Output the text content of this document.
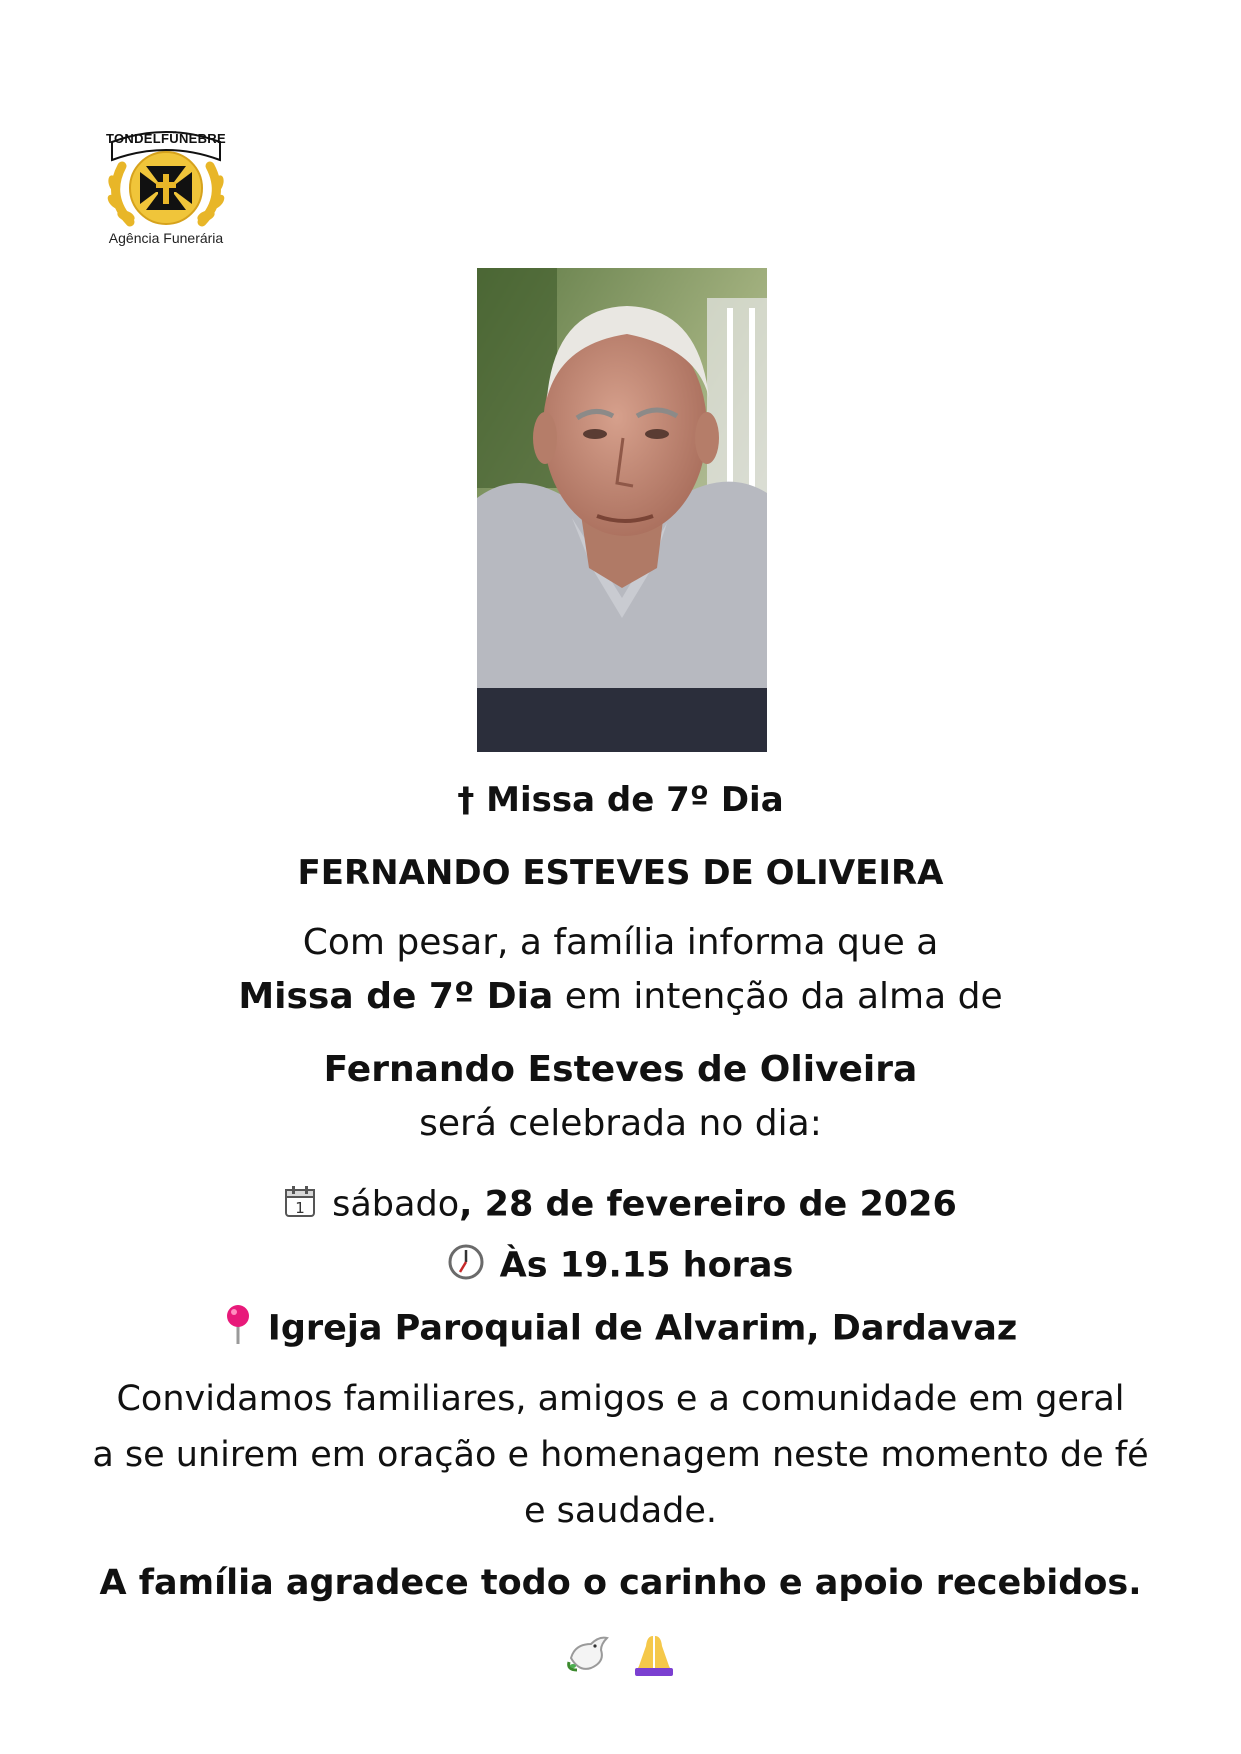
TONDELFÚNEBRE
Agência Funerária
† Missa de 7º Dia
FERNANDO ESTEVES DE OLIVEIRA
Com pesar, a família informa que a
Missa de 7º Dia em intenção da alma de
Fernando Esteves de Oliveira
será celebrada no dia:
1 sábado, 28 de fevereiro de 2026
Às 19.15 horas
Igreja Paroquial de Alvarim, Dardavaz
Convidamos familiares, amigos e a comunidade em geral
a se unirem em oração e homenagem neste momento de fé
e saudade.
A família agradece todo o carinho e apoio recebidos.
